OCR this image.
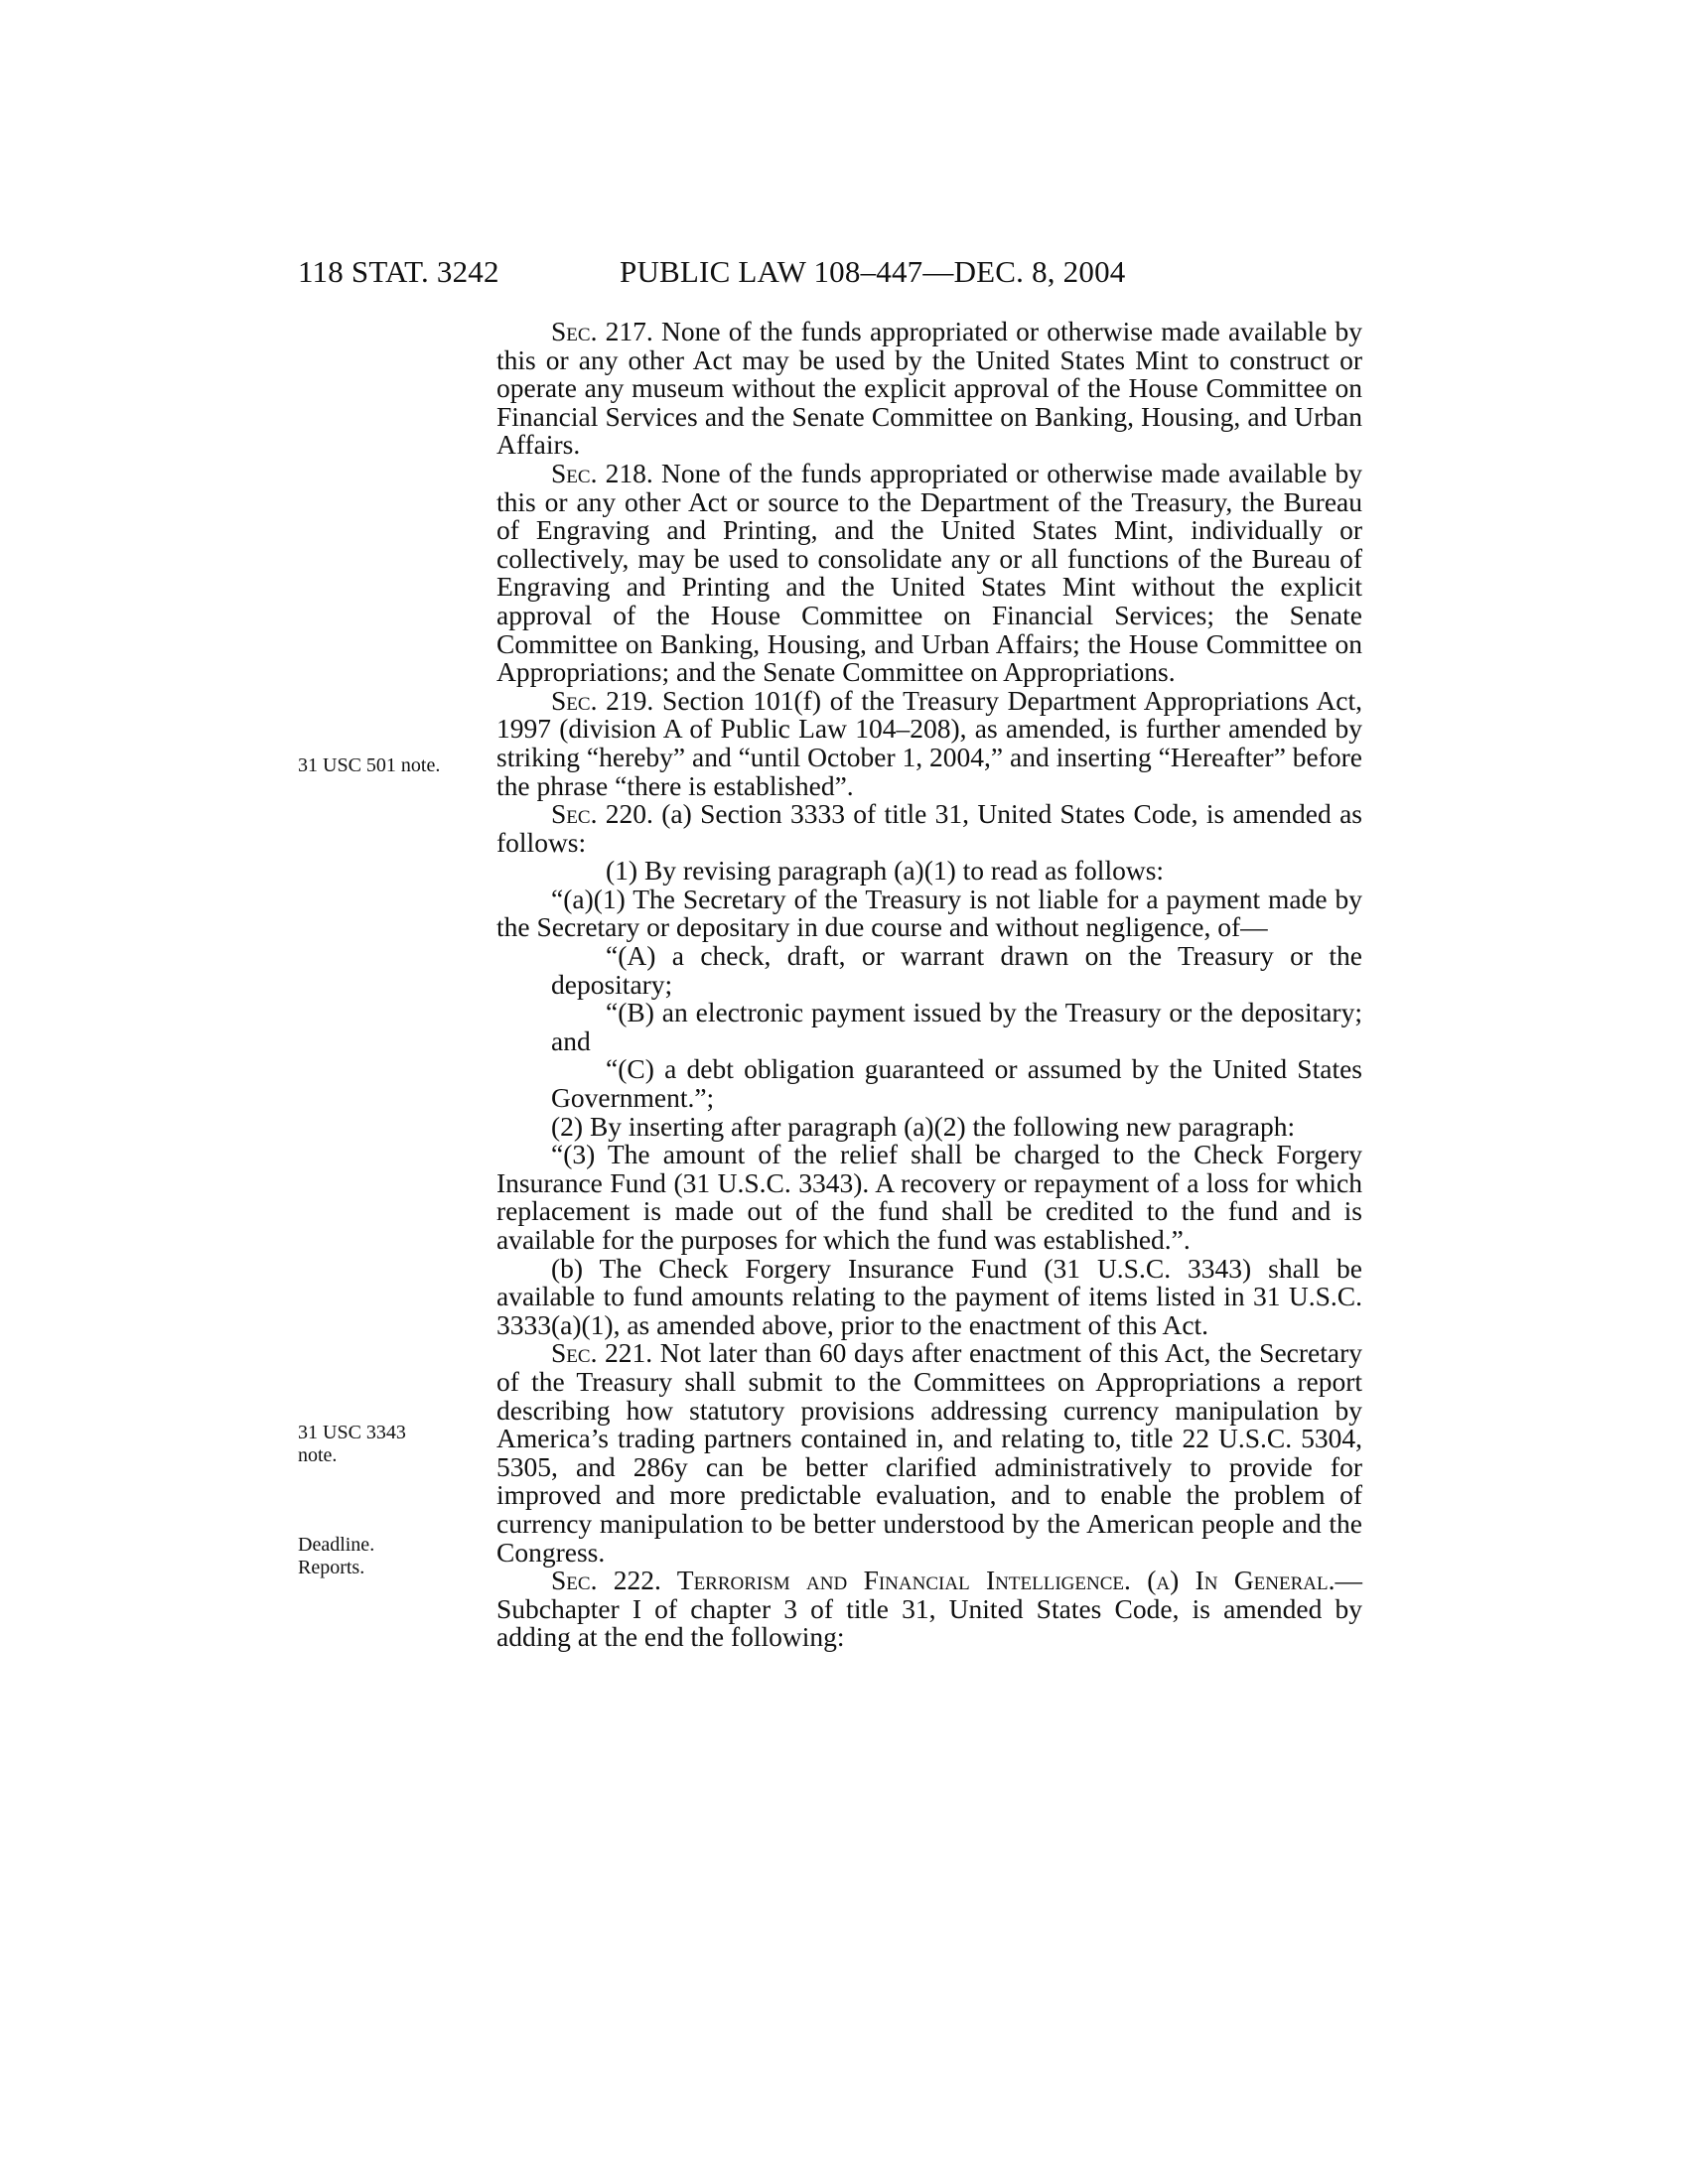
118 STAT. 3242	PUBLIC LAW 108–447—DEC. 8, 2004
31 USC 501 note.
31 USC 3343
note.
Deadline.
Reports.

Sec. 217. None of the funds appropriated or otherwise made available by this or any other Act may be used by the United States Mint to construct or operate any museum without the explicit approval of the House Committee on Financial Services and the Senate Committee on Banking, Housing, and Urban Affairs.

Sec. 218. None of the funds appropriated or otherwise made available by this or any other Act or source to the Department of the Treasury, the Bureau of Engraving and Printing, and the United States Mint, individually or collectively, may be used to consolidate any or all functions of the Bureau of Engraving and Printing and the United States Mint without the explicit approval of the House Committee on Financial Services; the Senate Committee on Banking, Housing, and Urban Affairs; the House Committee on Appropriations; and the Senate Committee on Appropriations.

Sec. 219. Section 101(f) of the Treasury Department Appropriations Act, 1997 (division A of Public Law 104–208), as amended, is further amended by striking “hereby” and “until October 1, 2004,” and inserting “Hereafter” before the phrase “there is established”.

Sec. 220. (a) Section 3333 of title 31, United States Code, is amended as follows:

(1) By revising paragraph (a)(1) to read as follows:

“(a)(1) The Secretary of the Treasury is not liable for a payment made by the Secretary or depositary in due course and without negligence, of—

“(A) a check, draft, or warrant drawn on the Treasury or the depositary;

“(B) an electronic payment issued by the Treasury or the depositary; and

“(C) a debt obligation guaranteed or assumed by the United States Government.”;

(2) By inserting after paragraph (a)(2) the following new paragraph:

“(3) The amount of the relief shall be charged to the Check Forgery Insurance Fund (31 U.S.C. 3343). A recovery or repayment of a loss for which replacement is made out of the fund shall be credited to the fund and is available for the purposes for which the fund was established.”.

(b) The Check Forgery Insurance Fund (31 U.S.C. 3343) shall be available to fund amounts relating to the payment of items listed in 31 U.S.C. 3333(a)(1), as amended above, prior to the enactment of this Act.

Sec. 221. Not later than 60 days after enactment of this Act, the Secretary of the Treasury shall submit to the Committees on Appropriations a report describing how statutory provisions addressing currency manipulation by America’s trading partners contained in, and relating to, title 22 U.S.C. 5304, 5305, and 286y can be better clarified administratively to provide for improved and more predictable evaluation, and to enable the problem of currency manipulation to be better understood by the American people and the Congress.

Sec. 222. Terrorism and Financial Intelligence. (a) In General.—Subchapter I of chapter 3 of title 31, United States Code, is amended by adding at the end the following:
